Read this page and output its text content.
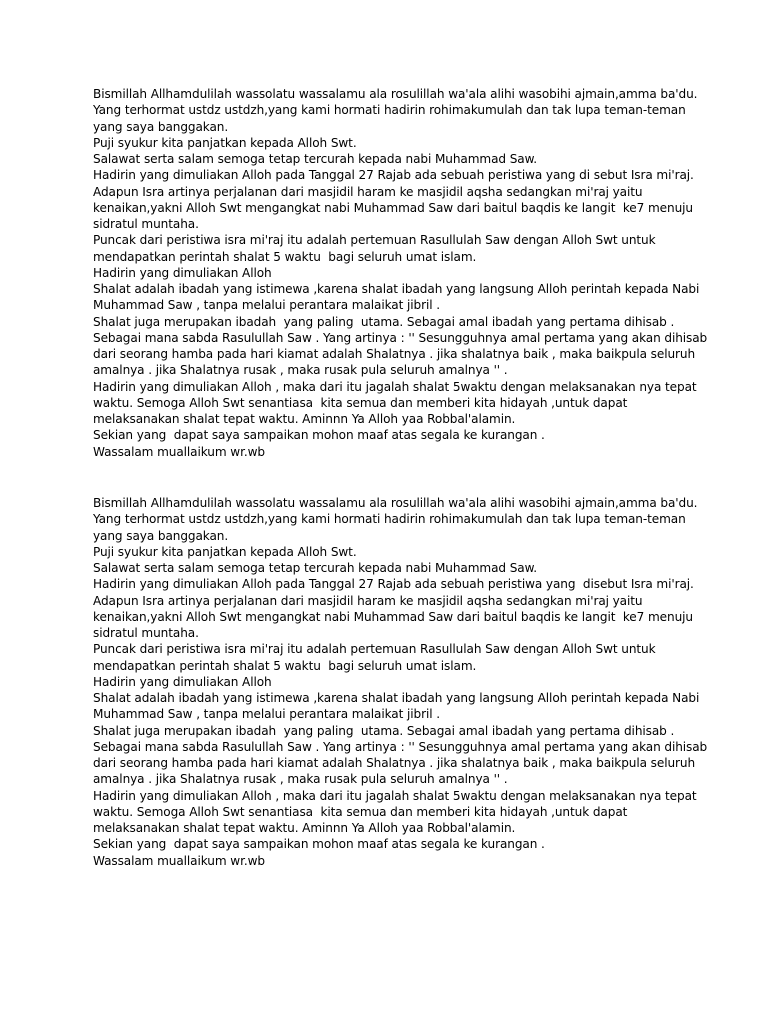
Bismillah Allhamdulilah wassolatu wassalamu ala rosulillah wa'ala alihi wasobihi ajmain,amma ba'du.
Yang terhormat ustdz ustdzh,yang kami hormati hadirin rohimakumulah dan tak lupa teman-teman
yang saya banggakan.
Puji syukur kita panjatkan kepada Alloh Swt.
Salawat serta salam semoga tetap tercurah kepada nabi Muhammad Saw.
Hadirin yang dimuliakan Alloh pada Tanggal 27 Rajab ada sebuah peristiwa yang di sebut Isra mi'raj.
Adapun Isra artinya perjalanan dari masjidil haram ke masjidil aqsha sedangkan mi'raj yaitu
kenaikan,yakni Alloh Swt mengangkat nabi Muhammad Saw dari baitul baqdis ke langit  ke7 menuju
sidratul muntaha.
Puncak dari peristiwa isra mi'raj itu adalah pertemuan Rasullulah Saw dengan Alloh Swt untuk
mendapatkan perintah shalat 5 waktu  bagi seluruh umat islam.
Hadirin yang dimuliakan Alloh
Shalat adalah ibadah yang istimewa ,karena shalat ibadah yang langsung Alloh perintah kepada Nabi
Muhammad Saw , tanpa melalui perantara malaikat jibril .
Shalat juga merupakan ibadah  yang paling  utama. Sebagai amal ibadah yang pertama dihisab .
Sebagai mana sabda Rasulullah Saw . Yang artinya : '' Sesungguhnya amal pertama yang akan dihisab
dari seorang hamba pada hari kiamat adalah Shalatnya . jika shalatnya baik , maka baikpula seluruh
amalnya . jika Shalatnya rusak , maka rusak pula seluruh amalnya '' .
Hadirin yang dimuliakan Alloh , maka dari itu jagalah shalat 5waktu dengan melaksanakan nya tepat
waktu. Semoga Alloh Swt senantiasa  kita semua dan memberi kita hidayah ,untuk dapat
melaksanakan shalat tepat waktu. Aminnn Ya Alloh yaa Robbal'alamin.
Sekian yang  dapat saya sampaikan mohon maaf atas segala ke kurangan .
Wassalam muallaikum wr.wb
Bismillah Allhamdulilah wassolatu wassalamu ala rosulillah wa'ala alihi wasobihi ajmain,amma ba'du.
Yang terhormat ustdz ustdzh,yang kami hormati hadirin rohimakumulah dan tak lupa teman-teman
yang saya banggakan.
Puji syukur kita panjatkan kepada Alloh Swt.
Salawat serta salam semoga tetap tercurah kepada nabi Muhammad Saw.
Hadirin yang dimuliakan Alloh pada Tanggal 27 Rajab ada sebuah peristiwa yang  disebut Isra mi'raj.
Adapun Isra artinya perjalanan dari masjidil haram ke masjidil aqsha sedangkan mi'raj yaitu
kenaikan,yakni Alloh Swt mengangkat nabi Muhammad Saw dari baitul baqdis ke langit  ke7 menuju
sidratul muntaha.
Puncak dari peristiwa isra mi'raj itu adalah pertemuan Rasullulah Saw dengan Alloh Swt untuk
mendapatkan perintah shalat 5 waktu  bagi seluruh umat islam.
Hadirin yang dimuliakan Alloh
Shalat adalah ibadah yang istimewa ,karena shalat ibadah yang langsung Alloh perintah kepada Nabi
Muhammad Saw , tanpa melalui perantara malaikat jibril .
Shalat juga merupakan ibadah  yang paling  utama. Sebagai amal ibadah yang pertama dihisab .
Sebagai mana sabda Rasulullah Saw . Yang artinya : '' Sesungguhnya amal pertama yang akan dihisab
dari seorang hamba pada hari kiamat adalah Shalatnya . jika shalatnya baik , maka baikpula seluruh
amalnya . jika Shalatnya rusak , maka rusak pula seluruh amalnya '' .
Hadirin yang dimuliakan Alloh , maka dari itu jagalah shalat 5waktu dengan melaksanakan nya tepat
waktu. Semoga Alloh Swt senantiasa  kita semua dan memberi kita hidayah ,untuk dapat
melaksanakan shalat tepat waktu. Aminnn Ya Alloh yaa Robbal'alamin.
Sekian yang  dapat saya sampaikan mohon maaf atas segala ke kurangan .
Wassalam muallaikum wr.wb
